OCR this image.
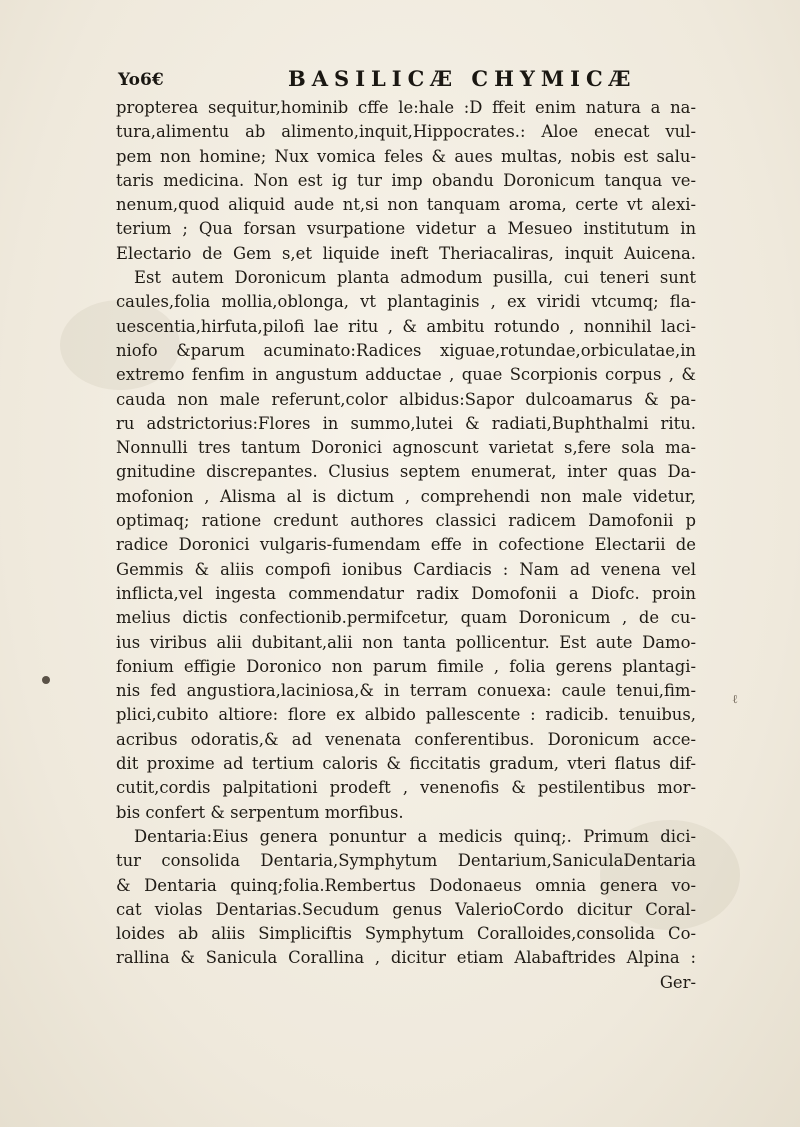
Yo6€	BASILICÆ CHYMICÆ
propterea sequitur,hominib cﬀe le:hale :D ffeit enim natura a na-
tura,alimentu ab alimento,inquit,Hippocrates.: Aloe enecat vul-
pem non homine; Nux vomica feles & aues multas, nobis est salu-
taris medicina. Non est ig tur imp obandu Doronicum tanqua ve-
nenum,quod aliquid aude nt,si non tanquam aroma, certe vt alexi-
terium ; Qua forsan vsurpatione videtur a Mesueo institutum in
Electario de Gem s,et liquide ineft Theriacaliras, inquit Auicena.
Est autem Doronicum planta admodum pusilla, cui teneri sunt
caules,folia mollia,oblonga, vt plantaginis , ex viridi vtcumq; fla-
uescentia,hirfuta,pilofi lae ritu , & ambitu rotundo , nonnihil laci-
niofo &parum acuminato:Radices xiguae,rotundae,orbiculatae,in
extremo fenfim in angustum adductae , quae Scorpionis corpus , &
cauda non male referunt,color albidus:Sapor dulcoamarus & pa-
ru adstrictorius:Flores in summo,lutei & radiati,Buphthalmi ritu.
Nonnulli tres tantum Doronici agnoscunt varietat s,fere sola ma-
gnitudine discrepantes. Clusius septem enumerat, inter quas Da-
mofonion , Alisma al is dictum , comprehendi non male videtur,
optimaq; ratione credunt authores classici radicem Damofonii p
radice Doronici vulgaris-fumendam effe in cofectione Electarii de
Gemmis & aliis compofi ionibus Cardiacis : Nam ad venena vel
inflicta,vel ingesta commendatur radix Domofonii a Diofc. proin
melius dictis confectionib.permifcetur, quam Doronicum , de cu-
ius viribus alii dubitant,alii non tanta pollicentur. Est aute Damo-
fonium effigie Doronico non parum fimile , folia gerens plantagi-
nis fed angustiora,laciniosa,& in terram conuexa: caule tenui,fim-
plici,cubito altiore: flore ex albido pallescente : radicib. tenuibus,
acribus odoratis,& ad venenata conferentibus. Doronicum acce-
dit proxime ad tertium caloris & ficcitatis gradum, vteri flatus dif-
cutit,cordis palpitationi prodeft , venenofis & pestilentibus mor-
bis confert & serpentum morfibus.
Dentaria:Eius genera ponuntur a medicis quinq;. Primum dici-
tur consolida Dentaria,Symphytum Dentarium,SaniculaDentaria
& Dentaria quinq;folia.Rembertus Dodonaeus omnia genera vo-
cat violas Dentarias.Secudum genus ValerioCordo dicitur Coral-
loides ab aliis Simpliciftis Symphytum Coralloides,consolida Co-
rallina & Sanicula Corallina , dicitur etiam Alabaftrides Alpina :
Ger-
ℓ
